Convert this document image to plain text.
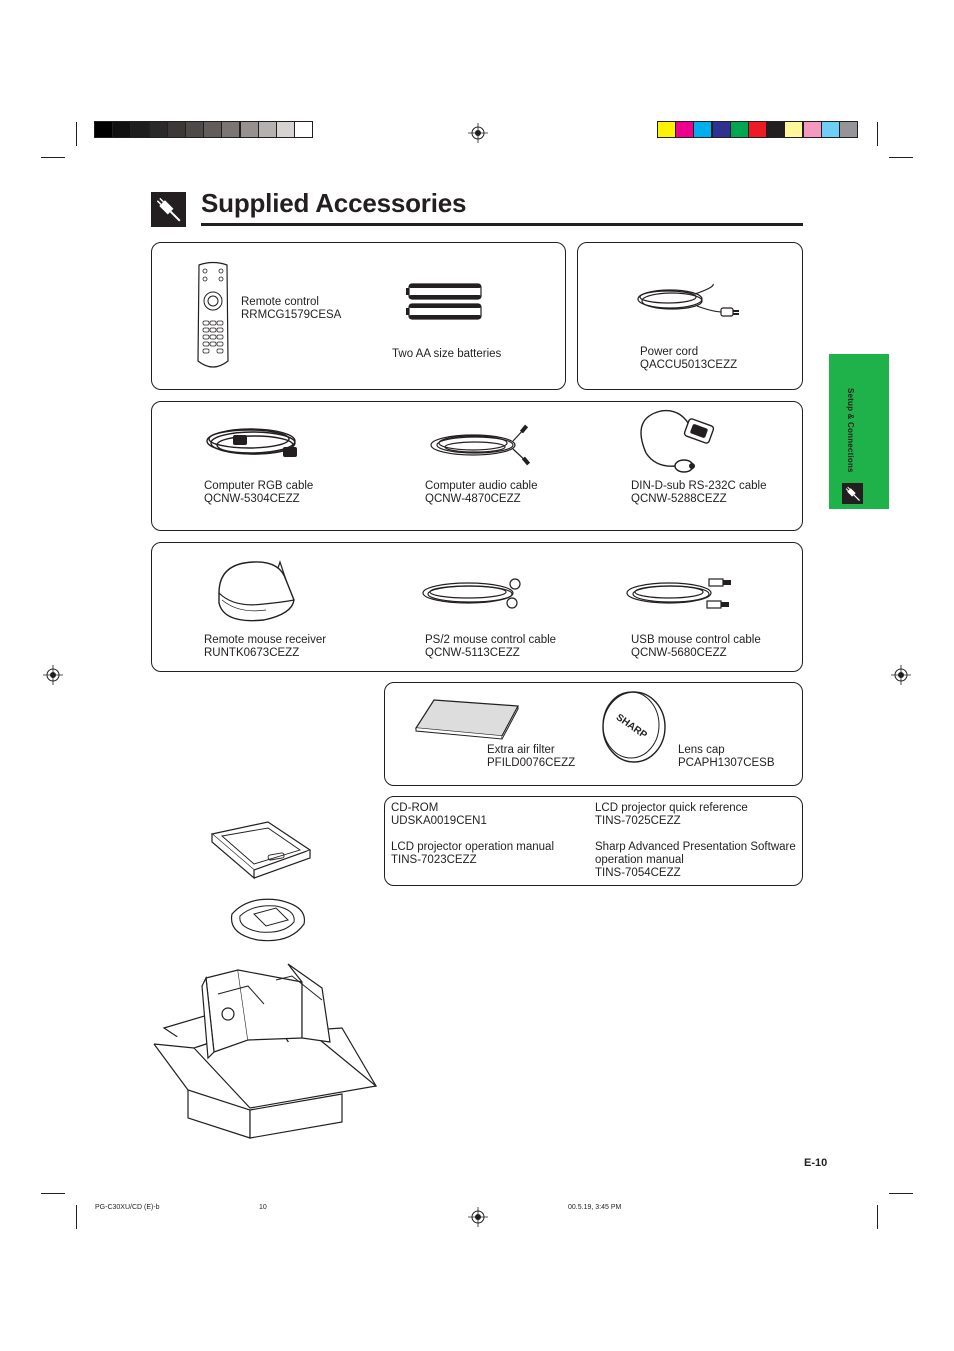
Supplied Accessories
Setup & Connections
Remote control
RRMCG1579CESA
Two AA size batteries	Power cord
QACCU5013CEZZ
Computer RGB cable
QCNW-5304CEZZ
Computer audio cable
QCNW-4870CEZZ
DIN-D-sub RS-232C cable
QCNW-5288CEZZ
Remote mouse receiver
RUNTK0673CEZZ
PS/2 mouse control cable
QCNW-5113CEZZ
USB mouse control cable
QCNW-5680CEZZ
Extra air filter
PFILD0076CEZZ
SHARP
Lens cap
PCAPH1307CESB
CD-ROM
UDSKA0019CEN1
LCD projector quick reference
TINS-7025CEZZ
LCD projector operation manual
TINS-7023CEZZ
Sharp Advanced Presentation Software
operation manual
TINS-7054CEZZ
E-10
PG-C30XU/CD (E)-b	10	00.5.19, 3:45 PM
